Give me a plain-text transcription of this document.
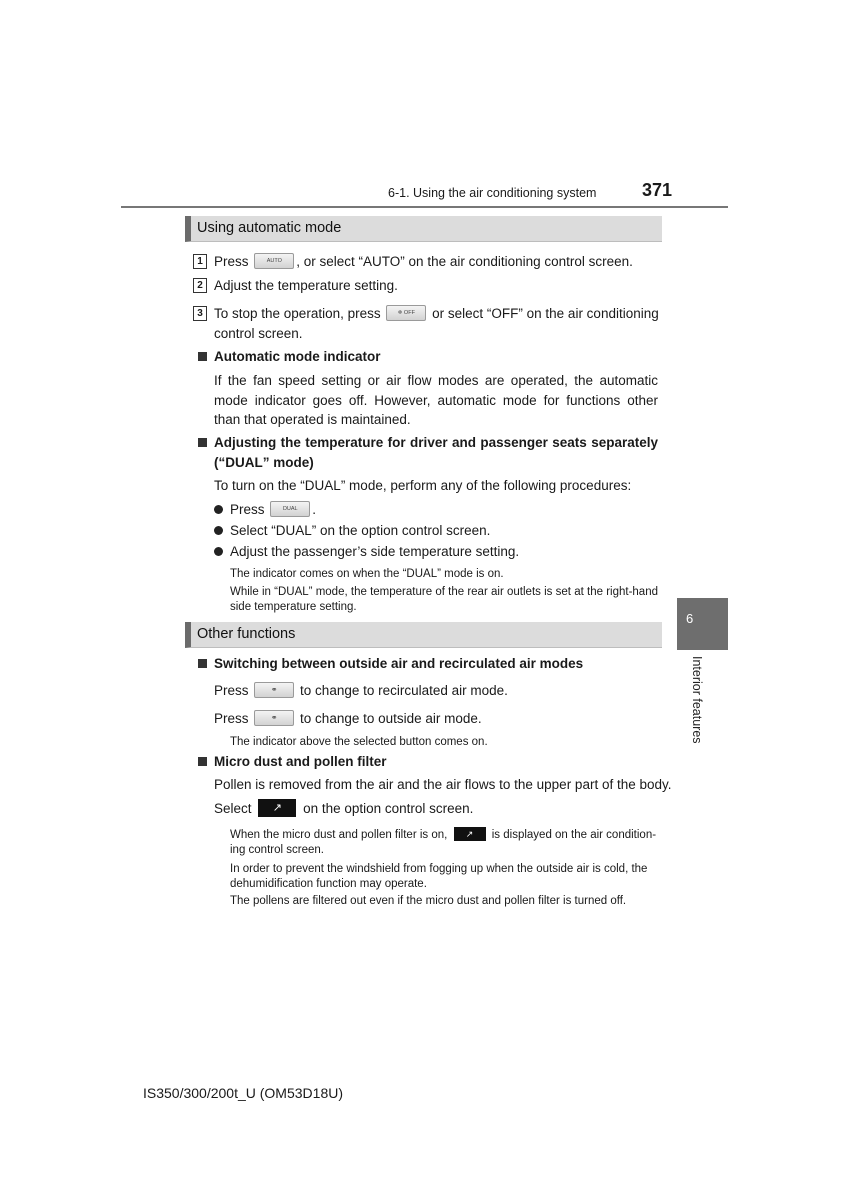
6-1. Using the air conditioning system	371
Using automatic mode
1 Press	AUTO , or select “AUTO” on the air conditioning control screen.
2 Adjust the temperature setting.
3 To stop the operation, press	❄ OFF or select “OFF” on the air conditioning
control screen.
Automatic mode indicator
If the fan speed setting or air flow modes are operated, the automatic mode indicator goes off. However, automatic mode for functions other than that operated is maintained.
Adjusting the temperature for driver and passenger seats separately (“DUAL” mode)
To turn on the “DUAL” mode, perform any of the following procedures:
Press	DUAL .
Select “DUAL” on the option control screen.
Adjust the passenger’s side temperature setting.
The indicator comes on when the “DUAL” mode is on.
While in “DUAL” mode, the temperature of the rear air outlets is set at the right-hand side temperature setting.
Other functions
Switching between outside air and recirculated air modes
Press	⚭ to change to recirculated air mode.
Press	⚭ to change to outside air mode.
The indicator above the selected button comes on.
Micro dust and pollen filter
Pollen is removed from the air and the air flows to the upper part of the body.
Select ↗ on the option control screen.
When the micro dust and pollen filter is on, ↗ is displayed on the air condition-
ing control screen.
In order to prevent the windshield from fogging up when the outside air is cold, the dehumidification function may operate.
The pollens are filtered out even if the micro dust and pollen filter is turned off.
6
Interior features
IS350/300/200t_U (OM53D18U)
